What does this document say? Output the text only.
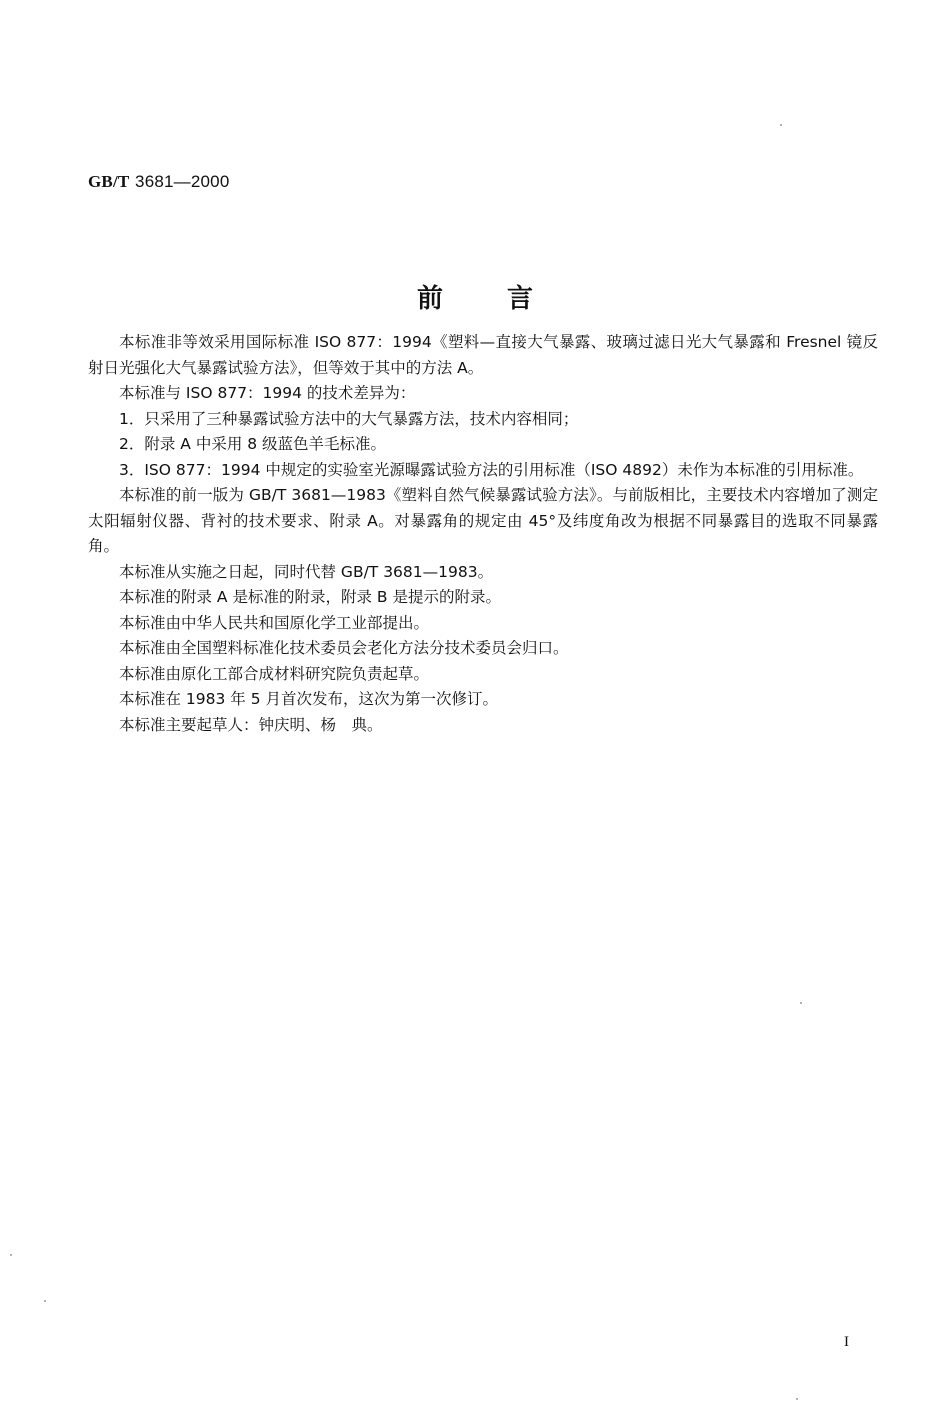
GB/T 3681—2000
前言

本标准非等效采用国际标准 ISO 877：1994《塑料—直接大气暴露、玻璃过滤日光大气暴露和 Fresnel 镜反射日光强化大气暴露试验方法》，但等效于其中的方法 A。

本标准与 ISO 877：1994 的技术差异为：

1．只采用了三种暴露试验方法中的大气暴露方法，技术内容相同；

2．附录 A 中采用 8 级蓝色羊毛标准。

3．ISO 877：1994 中规定的实验室光源曝露试验方法的引用标准（ISO 4892）未作为本标准的引用标准。

本标准的前一版为 GB/T 3681—1983《塑料自然气候暴露试验方法》。与前版相比，主要技术内容增加了测定太阳辐射仪器、背衬的技术要求、附录 A。对暴露角的规定由 45°及纬度角改为根据不同暴露目的选取不同暴露角。

本标准从实施之日起，同时代替 GB/T 3681—1983。

本标准的附录 A 是标准的附录，附录 B 是提示的附录。

本标准由中华人民共和国原化学工业部提出。

本标准由全国塑料标准化技术委员会老化方法分技术委员会归口。

本标准由原化工部合成材料研究院负责起草。

本标准在 1983 年 5 月首次发布，这次为第一次修订。

本标准主要起草人：钟庆明、杨　典。

I
